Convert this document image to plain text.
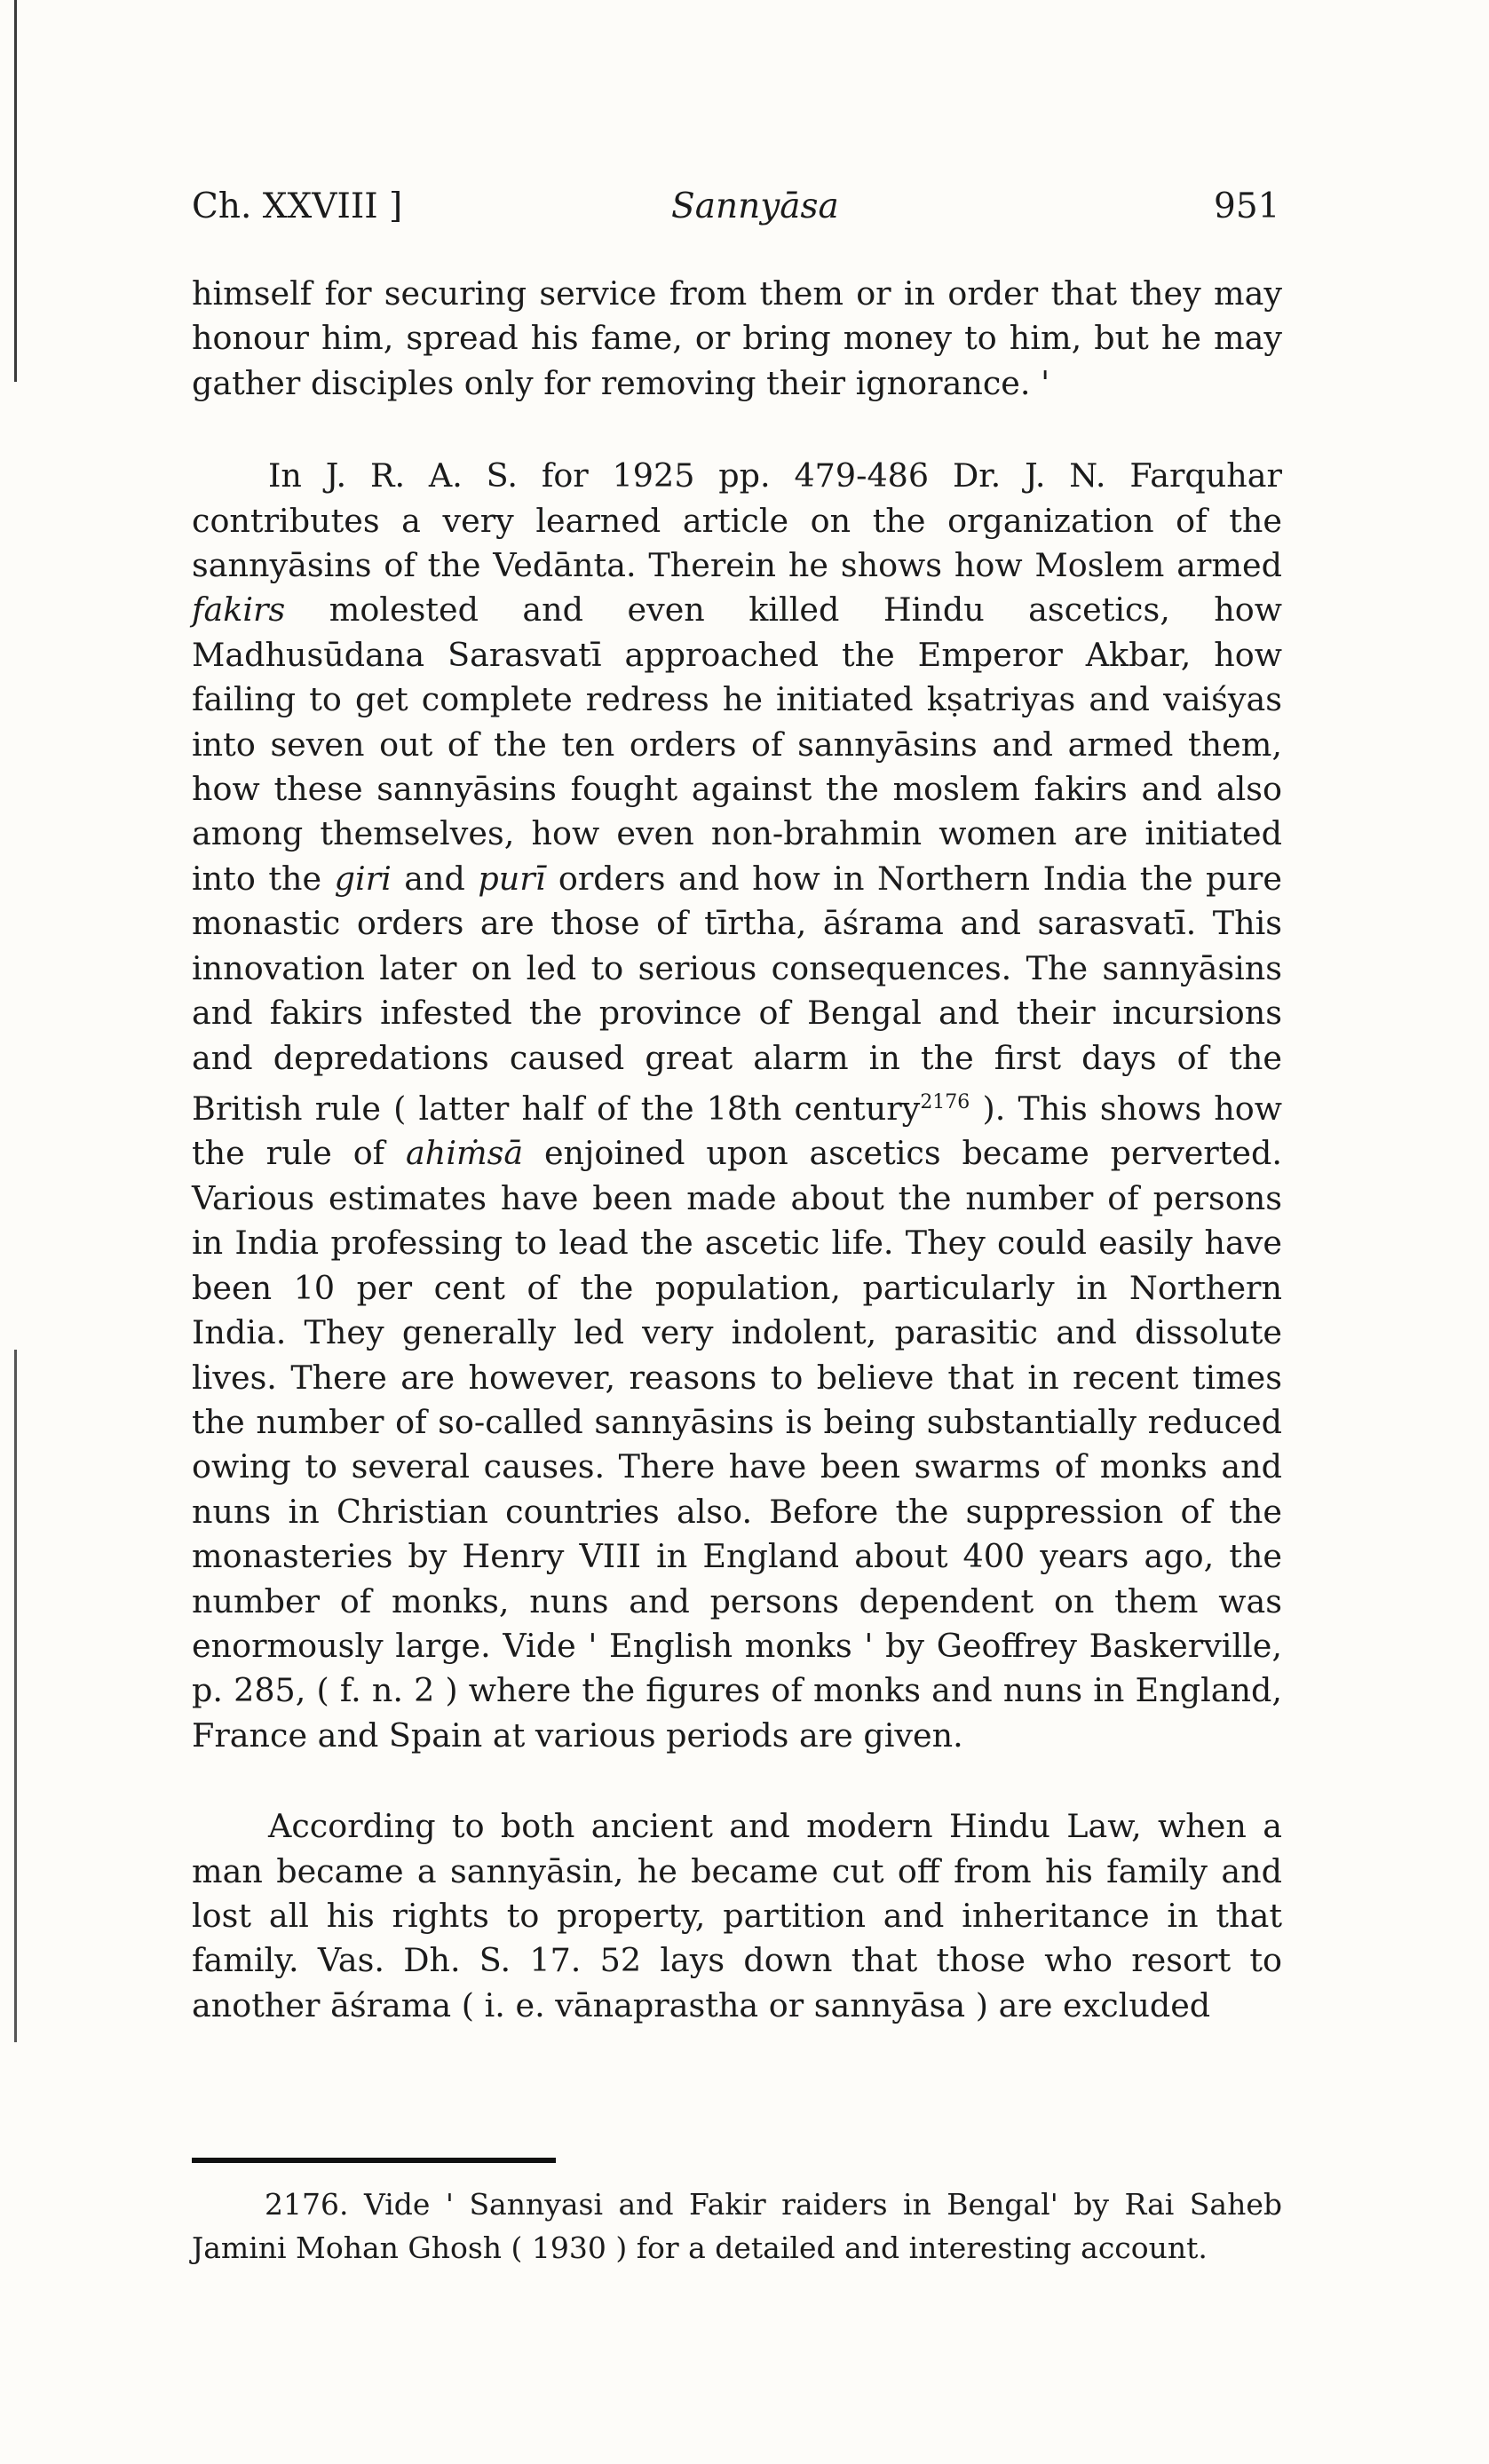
Ch. XXVIII ]	Sannyāsa	951

himself for securing service from them or in order that they may honour him, spread his fame, or bring money to him, but he may gather disciples only for removing their ignorance. '

In J. R. A. S. for 1925 pp. 479-486 Dr. J. N. Farquhar contributes a very learned article on the organization of the sannyāsins of the Vedānta. Therein he shows how Moslem armed fakirs molested and even killed Hindu ascetics, how Madhusūdana Sarasvatī approached the Emperor Akbar, how failing to get complete redress he initiated kṣatriyas and vaiśyas into seven out of the ten orders of sannyāsins and armed them, how these sannyāsins fought against the moslem fakirs and also among themselves, how even non-brahmin women are initiated into the giri and purī orders and how in Northern India the pure monastic orders are those of tīrtha, āśrama and sarasvatī. This innovation later on led to serious consequences. The sannyāsins and fakirs infested the province of Bengal and their incursions and depredations caused great alarm in the first days of the British rule ( latter half of the 18th century$^{2176}$ ). This shows how the rule of ahiṁsā enjoined upon ascetics became perverted. Various estimates have been made about the number of persons in India professing to lead the ascetic life. They could easily have been 10 per cent of the population, particularly in Northern India. They generally led very indolent, parasitic and dissolute lives. There are however, reasons to believe that in recent times the number of so-called sannyāsins is being substantially reduced owing to several causes. There have been swarms of monks and nuns in Christian countries also. Before the suppression of the monasteries by Henry VIII in England about 400 years ago, the number of monks, nuns and persons dependent on them was enormously large. Vide ' English monks ' by Geoffrey Baskerville, p. 285, ( f. n. 2 ) where the figures of monks and nuns in England, France and Spain at various periods are given.

According to both ancient and modern Hindu Law, when a man became a sannyāsin, he became cut off from his family and lost all his rights to property, partition and inheritance in that family. Vas. Dh. S. 17. 52 lays down that those who resort to another āśrama ( i. e. vānaprastha or sannyāsa ) are excluded

2176. Vide ' Sannyasi and Fakir raiders in Bengal' by Rai Saheb Jamini Mohan Ghosh ( 1930 ) for a detailed and interesting account.
